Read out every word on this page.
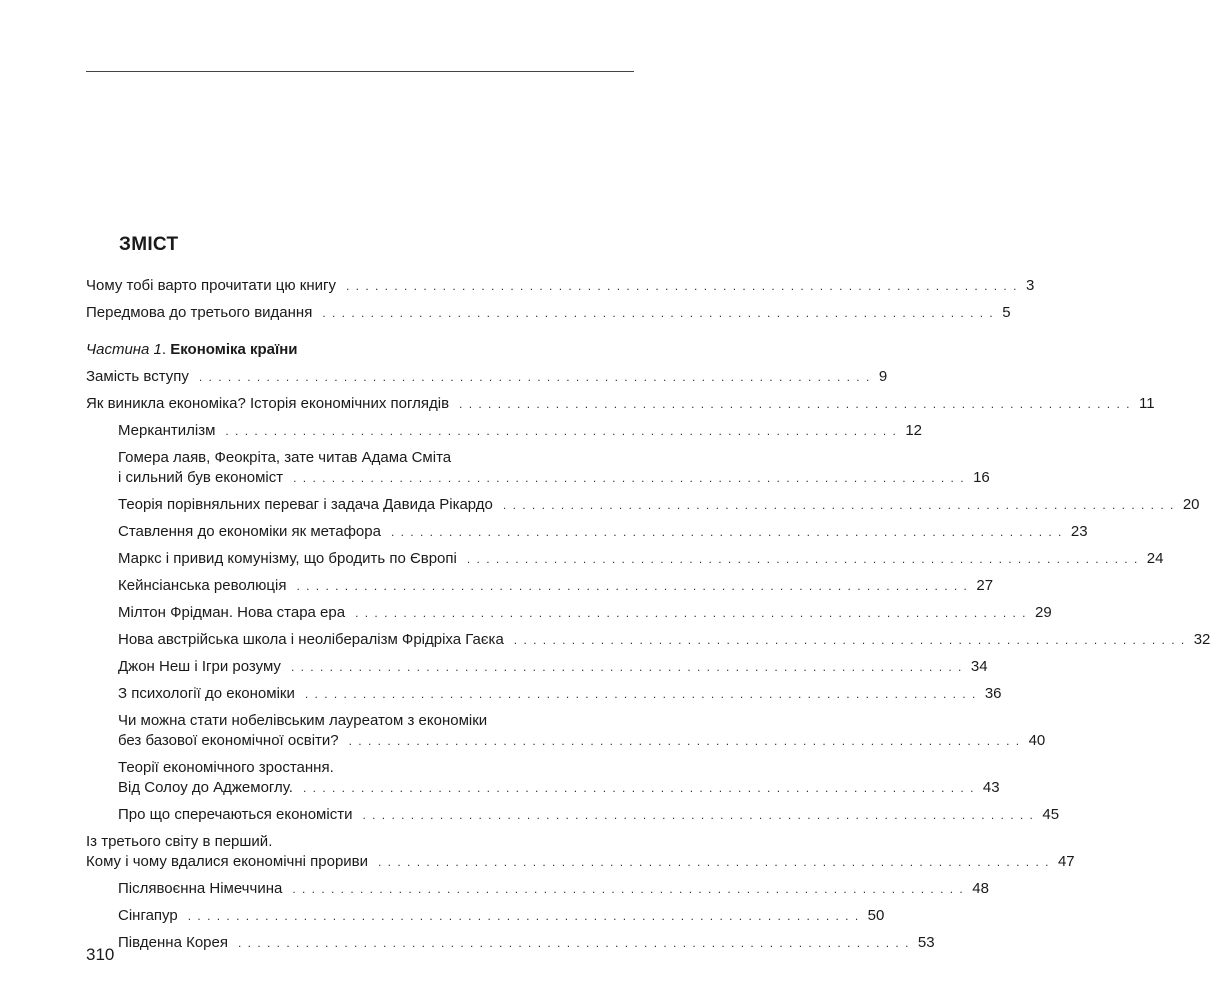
ЗМІСТ
Чому тобі варто прочитати цю книгу . . . . . . . . . . . . . . . . . . . . . . . . . . . . . . . . . . . . . . . . . . . . . . . . . . . . . . . . . . . . . . . . . . . . . . 3
Передмова до третього видання . . . . . . . . . . . . . . . . . . . . . . . . . . . . . . . . . . . . . . . . . . . . . . . . . . . . . . . . . . . . . . . . . . . . . . 5
Частина 1. Економіка країни
Замість вступу . . . . . . . . . . . . . . . . . . . . . . . . . . . . . . . . . . . . . . . . . . . . . . . . . . . . . . . . . . . . . . . . . . . . . . 9
Як виникла економіка? Історія економічних поглядів . . . . . . . . . . . . . . . . . . . . . . . . . . . . . . . . . . . . . . . . . . . . . . . . . . . . . . . . . . . . . . . . . . . . . . 11
Меркантилізм . . . . . . . . . . . . . . . . . . . . . . . . . . . . . . . . . . . . . . . . . . . . . . . . . . . . . . . . . . . . . . . . . . . . . . 12
Гомера лаяв, Феокріта, зате читав Адама Сміта
і сильний був економіст . . . . . . . . . . . . . . . . . . . . . . . . . . . . . . . . . . . . . . . . . . . . . . . . . . . . . . . . . . . . . . . . . . . . . . 16
Теорія порівняльних переваг і задача Давида Рікардо . . . . . . . . . . . . . . . . . . . . . . . . . . . . . . . . . . . . . . . . . . . . . . . . . . . . . . . . . . . . . . . . . . . . . . 20
Ставлення до економіки як метафора . . . . . . . . . . . . . . . . . . . . . . . . . . . . . . . . . . . . . . . . . . . . . . . . . . . . . . . . . . . . . . . . . . . . . . 23
Маркс і привид комунізму, що бродить по Європі . . . . . . . . . . . . . . . . . . . . . . . . . . . . . . . . . . . . . . . . . . . . . . . . . . . . . . . . . . . . . . . . . . . . . . 24
Кейнсіанська революція . . . . . . . . . . . . . . . . . . . . . . . . . . . . . . . . . . . . . . . . . . . . . . . . . . . . . . . . . . . . . . . . . . . . . . 27
Мілтон Фрідман. Нова стара ера . . . . . . . . . . . . . . . . . . . . . . . . . . . . . . . . . . . . . . . . . . . . . . . . . . . . . . . . . . . . . . . . . . . . . . 29
Нова австрійська школа і неолібералізм Фрідріха Гаєка . . . . . . . . . . . . . . . . . . . . . . . . . . . . . . . . . . . . . . . . . . . . . . . . . . . . . . . . . . . . . . . . . . . . . . 32
Джон Неш і Ігри розуму . . . . . . . . . . . . . . . . . . . . . . . . . . . . . . . . . . . . . . . . . . . . . . . . . . . . . . . . . . . . . . . . . . . . . . 34
З психології до економіки . . . . . . . . . . . . . . . . . . . . . . . . . . . . . . . . . . . . . . . . . . . . . . . . . . . . . . . . . . . . . . . . . . . . . . 36
Чи можна стати нобелівським лауреатом з економіки
без базової економічної освіти? . . . . . . . . . . . . . . . . . . . . . . . . . . . . . . . . . . . . . . . . . . . . . . . . . . . . . . . . . . . . . . . . . . . . . . 40
Теорії економічного зростання.
Від Солоу до Аджемоглу. . . . . . . . . . . . . . . . . . . . . . . . . . . . . . . . . . . . . . . . . . . . . . . . . . . . . . . . . . . . . . . . . . . . . . . 43
Про що сперечаються економісти . . . . . . . . . . . . . . . . . . . . . . . . . . . . . . . . . . . . . . . . . . . . . . . . . . . . . . . . . . . . . . . . . . . . . . 45
Із третього світу в перший.
Кому і чому вдалися економічні прориви . . . . . . . . . . . . . . . . . . . . . . . . . . . . . . . . . . . . . . . . . . . . . . . . . . . . . . . . . . . . . . . . . . . . . . 47
Післявоєнна Німеччина . . . . . . . . . . . . . . . . . . . . . . . . . . . . . . . . . . . . . . . . . . . . . . . . . . . . . . . . . . . . . . . . . . . . . . 48
Сінгапур . . . . . . . . . . . . . . . . . . . . . . . . . . . . . . . . . . . . . . . . . . . . . . . . . . . . . . . . . . . . . . . . . . . . . . 50
Південна Корея . . . . . . . . . . . . . . . . . . . . . . . . . . . . . . . . . . . . . . . . . . . . . . . . . . . . . . . . . . . . . . . . . . . . . . 53
310
